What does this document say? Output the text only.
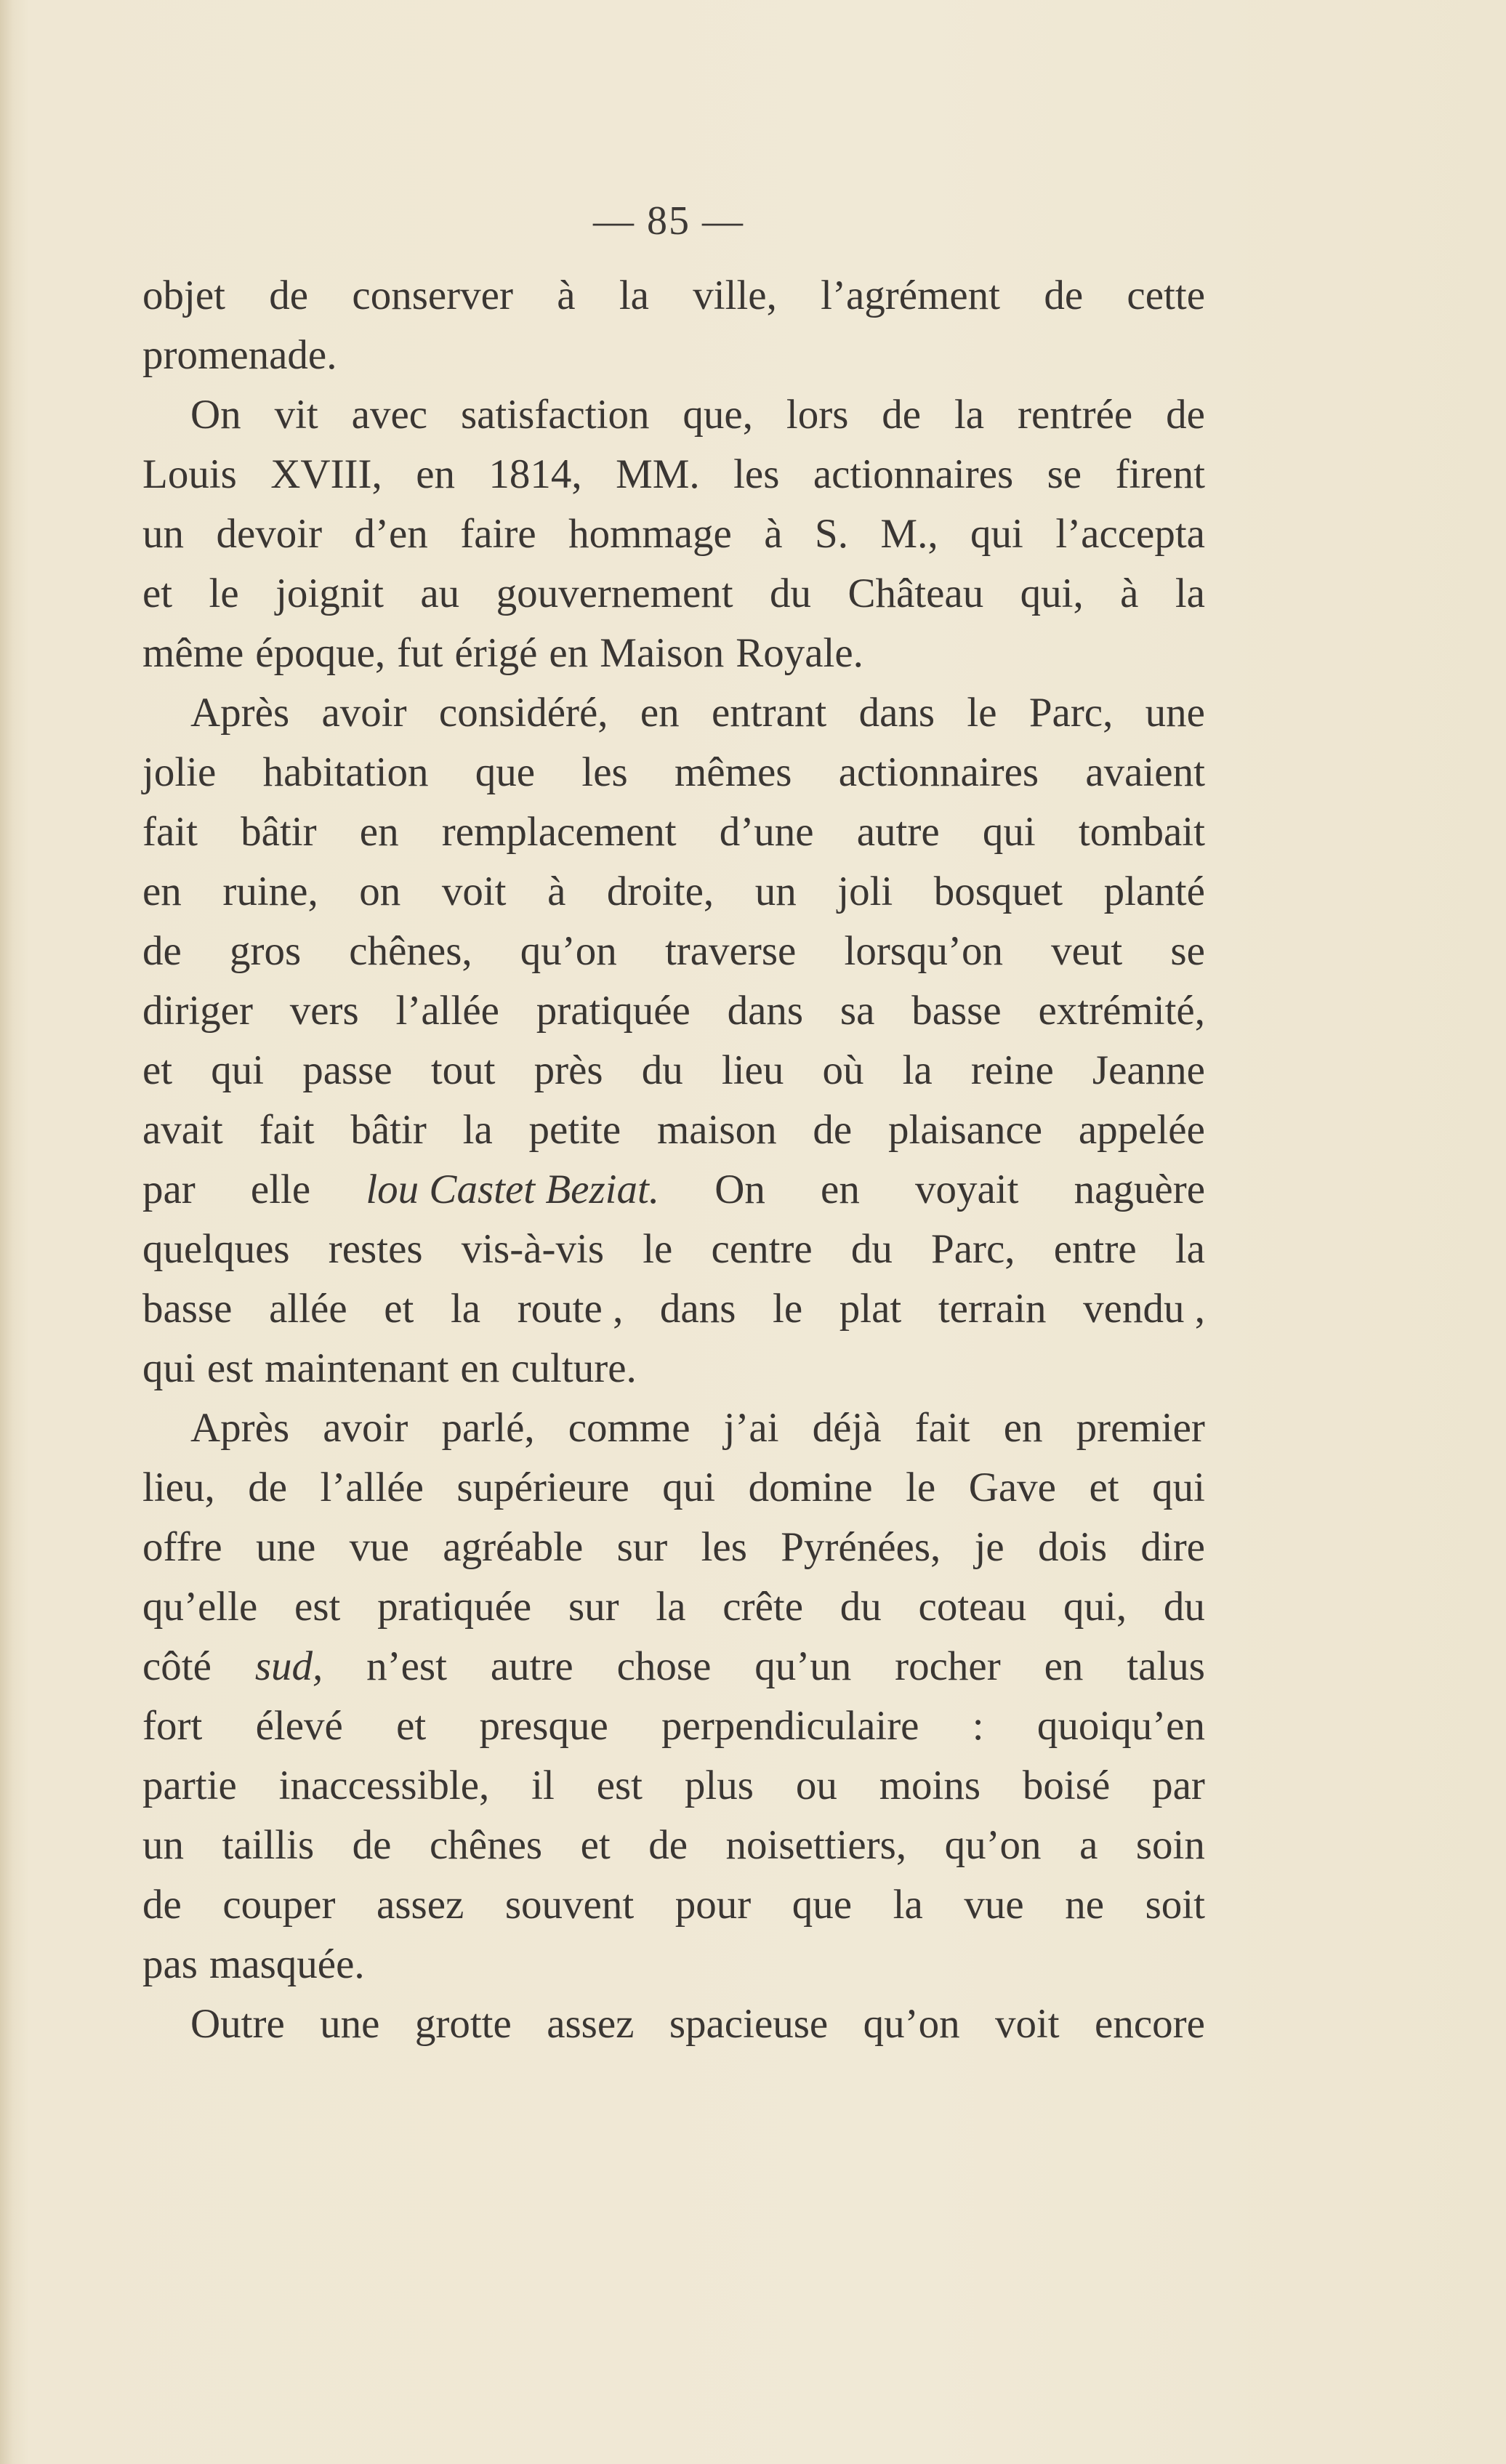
— 85 —
objet de conserver à la ville, l’agrément de cette
promenade.
On vit avec satisfaction que, lors de la rentrée de
Louis XVIII, en 1814, MM. les actionnaires se firent
un devoir d’en faire hommage à S. M., qui l’accepta
et le joignit au gouvernement du Château qui, à la
même époque, fut érigé en Maison Royale.
Après avoir considéré, en entrant dans le Parc, une
jolie habitation que les mêmes actionnaires avaient
fait bâtir en remplacement d’une autre qui tombait
en ruine, on voit à droite, un joli bosquet planté
de gros chênes, qu’on traverse lorsqu’on veut se
diriger vers l’allée pratiquée dans sa basse extrémité,
et qui passe tout près du lieu où la reine Jeanne
avait fait bâtir la petite maison de plaisance appelée
par elle lou Castet Beziat. On en voyait naguère
quelques restes vis-à-vis le centre du Parc, entre la
basse allée et la route , dans le plat terrain vendu ,
qui est maintenant en culture.
Après avoir parlé, comme j’ai déjà fait en premier
lieu, de l’allée supérieure qui domine le Gave et qui
offre une vue agréable sur les Pyrénées, je dois dire
qu’elle est pratiquée sur la crête du coteau qui, du
côté sud, n’est autre chose qu’un rocher en talus
fort élevé et presque perpendiculaire : quoiqu’en
partie inaccessible, il est plus ou moins boisé par
un taillis de chênes et de noisettiers, qu’on a soin
de couper assez souvent pour que la vue ne soit
pas masquée.
Outre une grotte assez spacieuse qu’on voit encore
